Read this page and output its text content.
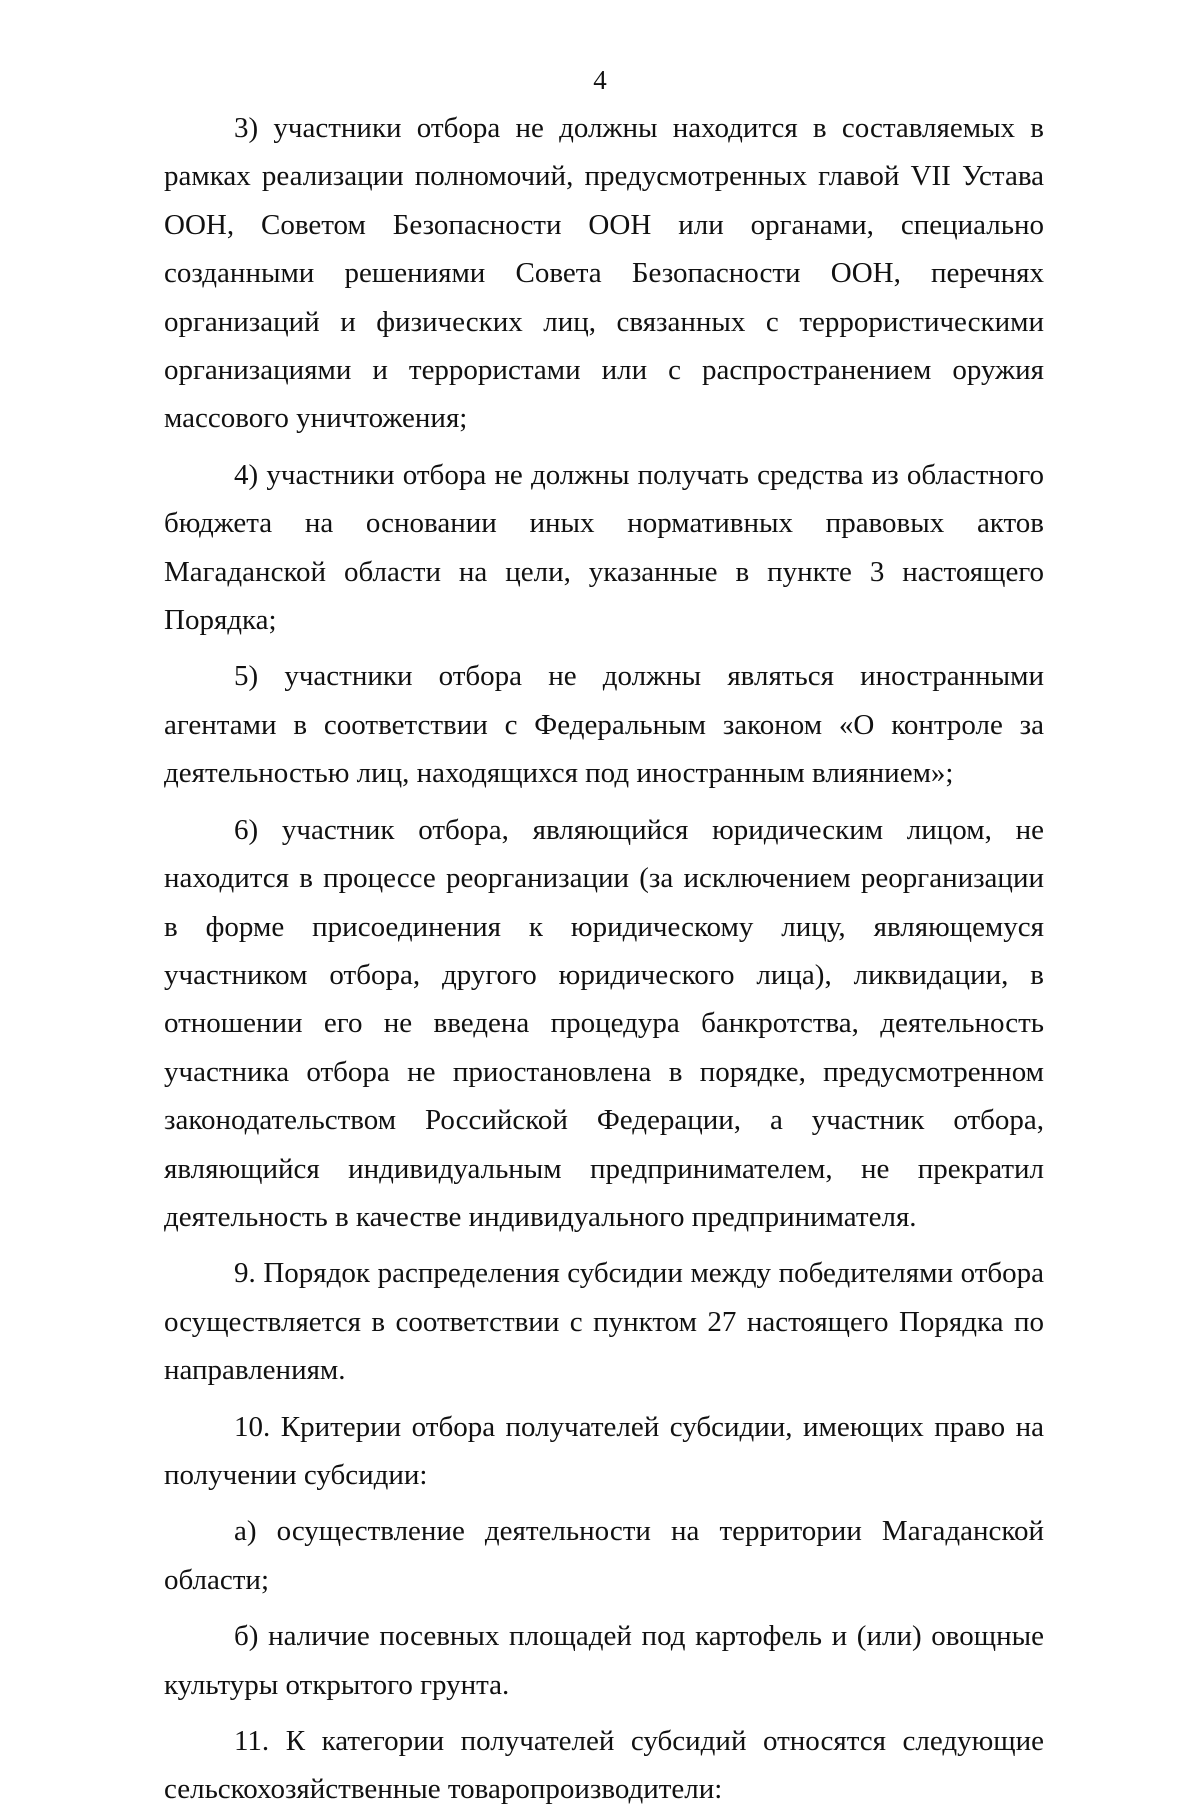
4

3) участники отбора не должны находится в составляемых в рамках реализации полномочий, предусмотренных главой VII Устава ООН, Советом Безопасности ООН или органами, специально созданными решениями Совета Безопасности ООН, перечнях организаций и физических лиц, связанных с террористическими организациями и террористами или с распространением оружия массового уничтожения;

4) участники отбора не должны получать средства из областного бюджета на основании иных нормативных правовых актов Магаданской области на цели, указанные в пункте 3 настоящего Порядка;

5) участники отбора не должны являться иностранными агентами в соответствии с Федеральным законом «О контроле за деятельностью лиц, находящихся под иностранным влиянием»;

6) участник отбора, являющийся юридическим лицом, не находится в процессе реорганизации (за исключением реорганизации в форме присоединения к юридическому лицу, являющемуся участником отбора, другого юридического лица), ликвидации, в отношении его не введена процедура банкротства, деятельность участника отбора не приостановлена в порядке, предусмотренном законодательством Российской Федерации, а участник отбора, являющийся индивидуальным предпринимателем, не прекратил деятельность в качестве индивидуального предпринимателя.

9. Порядок распределения субсидии между победителями отбора осуществляется в соответствии с пунктом 27 настоящего Порядка по направлениям.

10. Критерии отбора получателей субсидии, имеющих право на получении субсидии:

а) осуществление деятельности на территории Магаданской области;

б) наличие посевных площадей под картофель и (или) овощные культуры открытого грунта.

11. К категории получателей субсидий относятся следующие сельскохозяйственные товаропроизводители:
